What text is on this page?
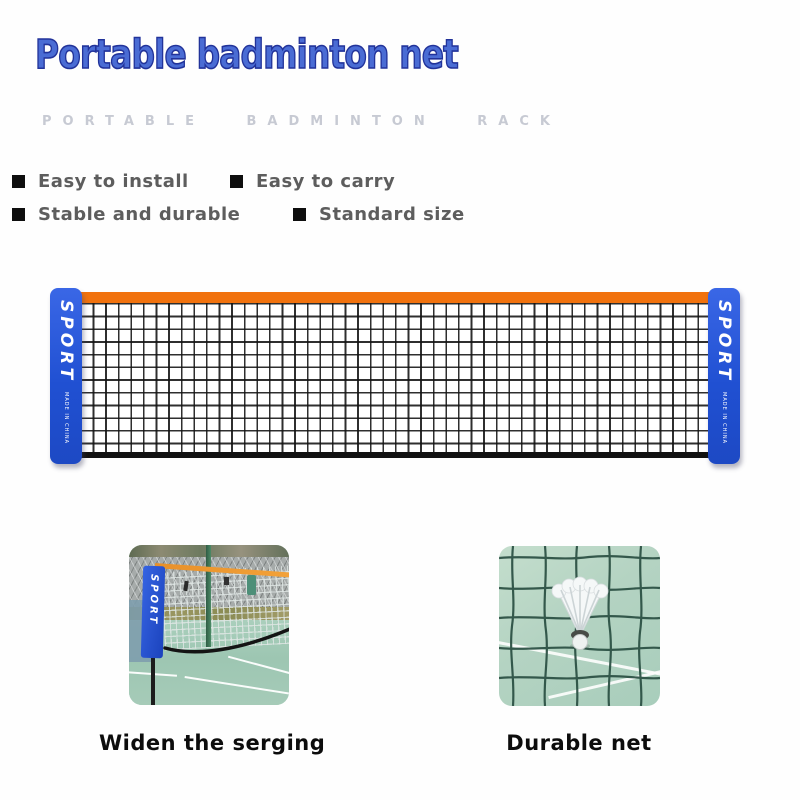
Portable badminton net
PORTABLE BADMINTON RACK
Easy to install	Easy to carry
Stable and durable	Standard size
SPORT
MADE IN CHINA
SPORT
MADE IN CHINA
SPORT
Widen the serging	Durable net
